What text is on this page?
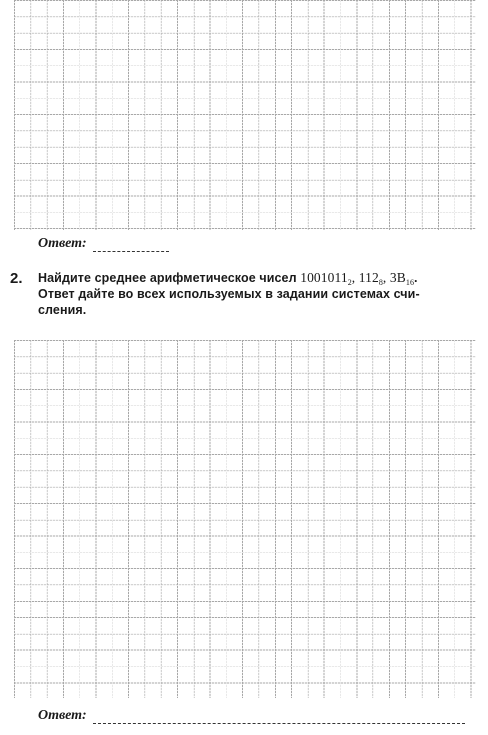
Ответ:
2. Найдите среднее арифметическое чисел $1001011_2$, $112_8$, $3B_{16}$.
Ответ дайте во всех используемых в задании системах счи-
сления.
Ответ:
